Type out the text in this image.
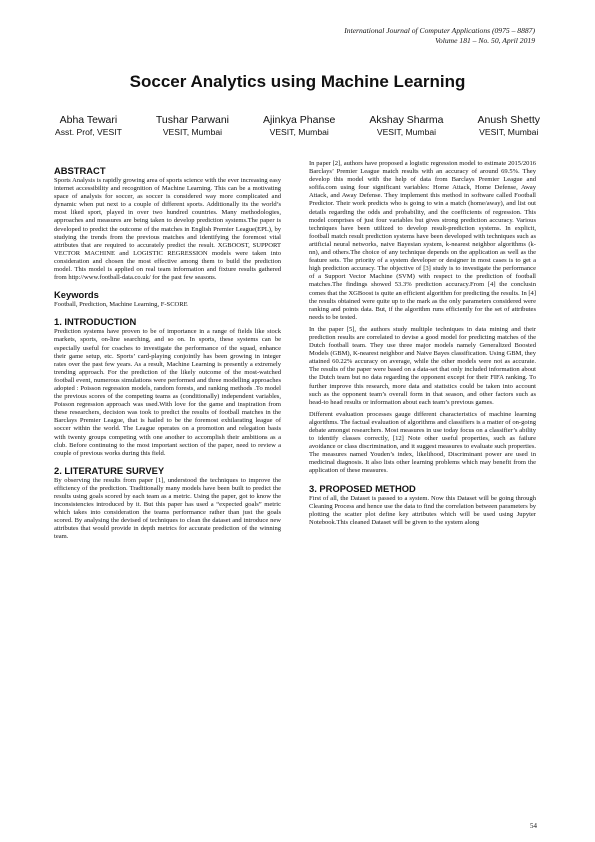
International Journal of Computer Applications (0975 – 8887)
Volume 181 – No. 50, April 2019
Soccer Analytics using Machine Learning
Abha Tewari
Asst. Prof, VESIT
Tushar Parwani
VESIT, Mumbai
Ajinkya Phanse
VESIT, Mumbai
Akshay Sharma
VESIT, Mumbai
Anush Shetty
VESIT, Mumbai
ABSTRACT

Sports Analysis is rapidly growing area of sports science with the ever increasing easy internet accessibility and recognition of Machine Learning. This can be a motivating space of analysis for soccer, as soccer is considered way more complicated and dynamic when put next to a couple of different sports. Additionally its the world’s most liked sport, played in over two hundred countries. Many methodologies, approaches and measures are being taken to develop prediction systems.The paper is developed to predict the outcome of the matches in English Premier League(EPL), by studying the trends from the previous matches and identifying the foremost vital attributes that are required to accurately predict the result. XGBOOST, SUPPORT VECTOR MACHINE and LOGISTIC REGRESSION models were taken into consideration and chosen the most effective among them to build the prediction model. This model is applied on real team information and fixture results gathered from http://www.football-data.co.uk/ for the past few seasons.

Keywords

Football, Prediction, Machine Learning, F-SCORE

1. INTRODUCTION

Prediction systems have proven to be of importance in a range of fields like stock markets, sports, on-line searching, and so on. In sports, these systems can be especially useful for coaches to investigate the performance of the squad, enhance their game setup, etc. Sports’ card-playing conjointly has been growing in integer rates over the past few years. As a result, Machine Learning is presently a extremely trending approach. For the prediction of the likely outcome of the most-watched football event, numerous simulations were performed and three modelling approaches adopted : Poisson regression models, random forests, and ranking methods .To model the previous scores of the competing teams as (conditionally) independent variables, Poisson regression approach was used.With love for the game and inspiration from these researchers, decision was took to predict the results of football matches in the Barclays Premier League, that is hailed to be the foremost exhilarating league of soccer within the world. The League operates on a promotion and relegation basis with twenty groups competing with one another to accomplish their ambitions as a club. Before continuing to the most important section of the paper, need to review a couple of previous works during this field.

2. LITERATURE SURVEY

By observing the results from paper [1], understood the techniques to improve the efficiency of the prediction. Traditionally many models have been built to predict the results using goals scored by each team as a metric. Using the paper, got to know the inconsistencies introduced by it. But this paper has used a “expected goals” metric which takes into consideration the teams performance rather than just the goals scored. By analysing the devised of techniques to clean the dataset and introduce new attributes that would provide in depth metrics for accurate prediction of the winning team.

In paper [2], authors have proposed a logistic regression model to estimate 2015/2016 Barclays’ Premier League match results with an accuracy of around 69.5%. They develop this model with the help of data from Barclays Premier League and sofifa.com using four significant variables: Home Attack, Home Defense, Away Attack, and Away Defense. They implement this method in software called Football Predictor. Their work predicts who is going to win a match (home/away), and list out details regarding the odds and probability, and the coefficients of regression. This model comprises of just four variables but gives strong prediction accuracy. Various techniques have been utilized to develop result-prediction systems. In explicit, football match result prediction systems have been developed with techniques such as artificial neural networks, naive Bayesian system, k-nearest neighbor algorithms (k-nn), and others.The choice of any technique depends on the application as well as the feature sets. The priority of a system developer or designer in most cases is to get a high prediction accuracy. The objective of [3] study is to investigate the performance of a Support Vector Machine (SVM) with respect to the prediction of football matches.The findings showed 53.3% prediction accuracy.From [4] the conclusin comes that the XGBoost is quite an efficient algorithm for predicting the results. In [4] the results obtained were quite up to the mark as the only parameters considered were ranking and points data. But, if the algorithm runs efficiently for the set of attributes needs to be tested.

In the paper [5], the authors study multiple techniques in data mining and their prediction results are correlated to devise a good model for predicting matches of the Dutch football team. They use three major models namely Generalized Boosted Models (GBM), K-nearest neighbor and Naive Bayes classification. Using GBM, they attained 60.22% accuracy on average, while the other models were not as accurate. The results of the paper were based on a data-set that only included information about the Dutch team but no data regarding the opponent except for their FIFA ranking. To further improve this research, more data and statistics could be taken into account such as the opponent team’s overall form in that season, and other factors such as head-to head results or information about each team’s previous games.

Different evaluation processes gauge different characteristics of machine learning algorithms. The factual evaluation of algorithms and classifiers is a matter of on-going debate amongst researchers. Most measures in use today focus on a classifier’s ability to identify classes correctly, [12] Note other useful properties, such as failure avoidance or class discrimination, and it suggest measures to evaluate such properties. The measures named Youden’s index, likelihood, Discriminant power are used in medicinal diagnosis. It also lists other learning problems which may benefit from the application of these measures.

3. PROPOSED METHOD

First of all, the Dataset is passed to a system. Now this Dataset will be going through Cleaning Process and hence use the data to find the correlation between parameters by plotting the scatter plot define key attributes which will be used using Jupyter Notebook.This cleaned Dataset will be given to the system along

54
